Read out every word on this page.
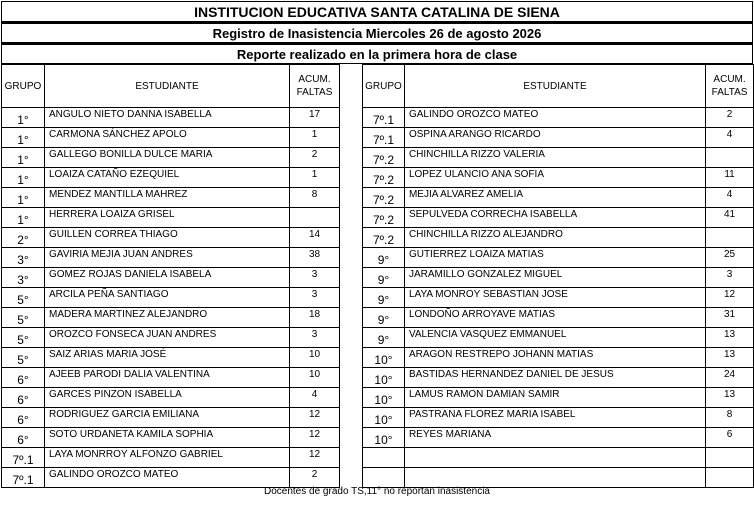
INSTITUCION EDUCATIVA SANTA CATALINA DE SIENA
Registro de Inasistencia Miercoles 26 de agosto 2026
Reporte realizado en la primera hora de clase
GRUPO	ESTUDIANTE	ACUM.
FALTAS
1°	ANGULO NIETO DANNA ISABELLA	17
1°	CARMONA SÁNCHEZ APOLO	1
1°	GALLEGO BONILLA DULCE MARIA	2
1°	LOAIZA CATAÑO EZEQUIEL	1
1°	MENDEZ MANTILLA MAHREZ	8
1°	HERRERA LOAIZA GRISEL	
2°	GUILLEN CORREA THIAGO	14
3°	GAVIRIA MEJIA JUAN ANDRES	38
3°	GOMEZ ROJAS DANIELA ISABELA	3
5°	ARCILA PEÑA SANTIAGO	3
5°	MADERA MARTINEZ ALEJANDRO	18
5°	OROZCO FONSECA JUAN ANDRES	3
5°	SAIZ ARIAS MARIA JOSÉ	10
6°	AJEEB PARODI DALIA VALENTINA	10
6°	GARCES PINZON ISABELLA	4
6°	RODRIGUEZ GARCIA EMILIANA	12
6°	SOTO URDANETA KAMILA SOPHIA	12
7º.1	LAYA MONRROY ALFONZO GABRIEL	12
7º.1	GALINDO OROZCO MATEO	2
GRUPO	ESTUDIANTE	ACUM.
FALTAS
7º.1	GALINDO OROZCO MATEO	2
7º.1	OSPINA ARANGO RICARDO	4
7º.2	CHINCHILLA RIZZO VALERIA	
7º.2	LOPEZ ULANCIO ANA SOFIA	11
7º.2	MEJIA ALVAREZ AMELIA	4
7º.2	SEPULVEDA CORRECHA ISABELLA	41
7º.2	CHINCHILLA RIZZO ALEJANDRO	
9°	GUTIERREZ LOAIZA MATIAS	25
9°	JARAMILLO GONZALEZ MIGUEL	3
9°	LAYA MONROY SEBASTIAN JOSE	12
9°	LONDOÑO ARROYAVE MATIAS	31
9°	VALENCIA VASQUEZ EMMANUEL	13
10°	ARAGON RESTREPO JOHANN MATIAS	13
10°	BASTIDAS HERNANDEZ DANIEL DE JESUS	24
10°	LAMUS RAMON DAMIAN SAMIR	13
10°	PASTRANA FLOREZ MARIA ISABEL	8
10°	REYES MARIANA	6

Docentes de grado TS,11° no reportan inasistencia
